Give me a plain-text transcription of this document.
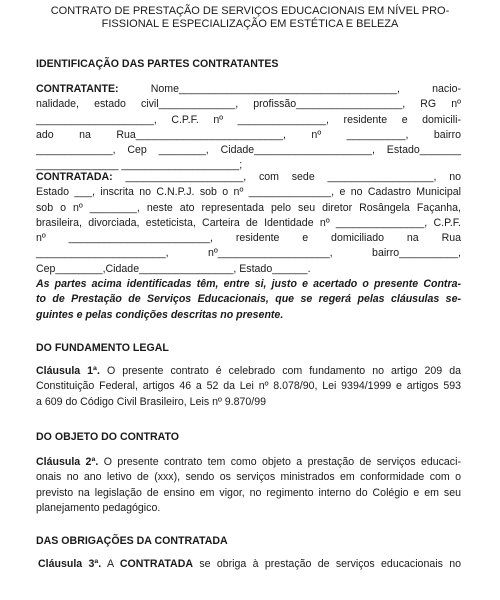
CONTRATO DE PRESTAÇÃO DE SERVIÇOS EDUCACIONAIS EM NÍVEL PRO-
FISSIONAL E ESPECIALIZAÇÃO EM ESTÉTICA E BELEZA
IDENTIFICAÇÃO DAS PARTES CONTRATANTES
CONTRATANTE: Nome_____________________________________, nacio-
nalidade, estado civil_____________, profissão__________________, RG nº
____________________, C.P.F. nº _______________, residente e domicili-
ado na Rua_________________________, nº __________, bairro
_____________, Cep ________, Cidade____________________, Estado_______
______________ ____________________;
CONTRATADA: ____________________, com sede __________________, no
Estado ___, inscrita no C.N.P.J. sob o nº ______________, e no Cadastro Municipal
sob o nº ________, neste ato representada pelo seu diretor Rosângela Façanha,
brasileira, divorciada, esteticista, Carteira de Identidade nº _______________, C.P.F.
nº ________________________, residente e domiciliado na Rua
______________________, nº___________________, bairro__________,
Cep________,Cidade________________, Estado______.
As partes acima identificadas têm, entre si, justo e acertado o presente Contra-
to de Prestação de Serviços Educacionais, que se regerá pelas cláusulas se-
guintes e pelas condições descritas no presente.
DO FUNDAMENTO LEGAL
Cláusula 1ª. O presente contrato é celebrado com fundamento no artigo 209 da
Constituição Federal, artigos 46 a 52 da Lei nº 8.078/90, Lei 9394/1999 e artigos 593
a 609 do Código Civil Brasileiro, Leis nº 9.870/99
DO OBJETO DO CONTRATO
Cláusula 2ª. O presente contrato tem como objeto a prestação de serviços educaci-
onais no ano letivo de (xxx), sendo os serviços ministrados em conformidade com o
previsto na legislação de ensino em vigor, no regimento interno do Colégio e em seu
planejamento pedagógico.
DAS OBRIGAÇÕES DA CONTRATADA
Cláusula 3ª. A CONTRATADA se obriga à prestação de serviços educacionais no
